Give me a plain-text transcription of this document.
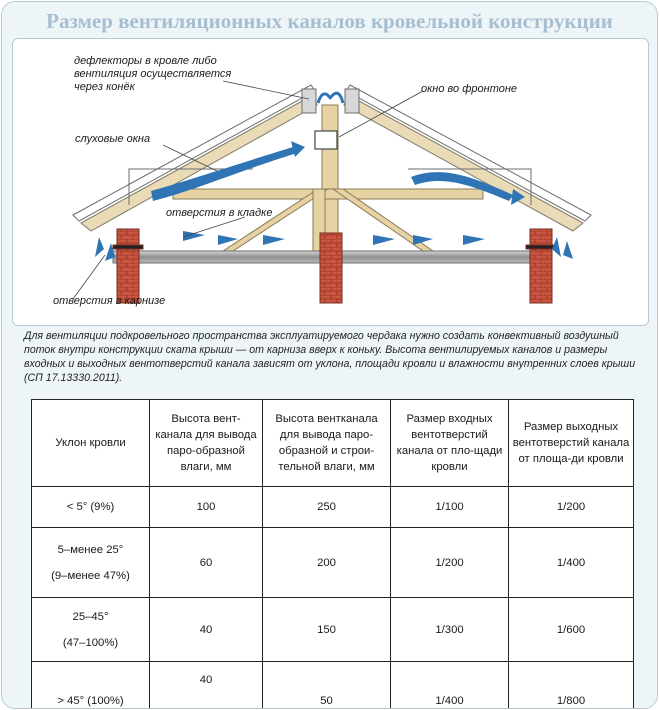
Размер вентиляционных каналов кровельной конструкции
дефлекторы в кровле либо
вентиляция осуществляется
через конёк	окно во фронтоне
слуховые окна
отверстия в кладке
отверстия в карнизе
Для вентиляции подкровельного пространства эксплуатируемого чердака нужно создать конвективный воздушный поток внутри конструкции ската крыши — от карниза вверх к коньку. Высота вентилируемых каналов и размеры входных и выходных вентотверстий канала зависят от уклона, площади кровли и влажности внутренних слоев крыши (СП 17.13330.2011).
Уклон кровли	Высота вент-канала для вывода паро-образной влаги, мм	Высота вентканала для вывода паро-образной и строи-тельной влаги, мм	Размер входных вентотверстий канала от пло-щади кровли	Размер выходных вентотверстий канала от площа-ди кровли

< 5° (9%)	100	250	1/100	1/200

5–менее 25°
(9–менее 47%)	60	200	1/200	1/400

25–45°
(47–100%)	40	150	1/300	1/600

> 45° (100%)	40	50	1/400	1/800
